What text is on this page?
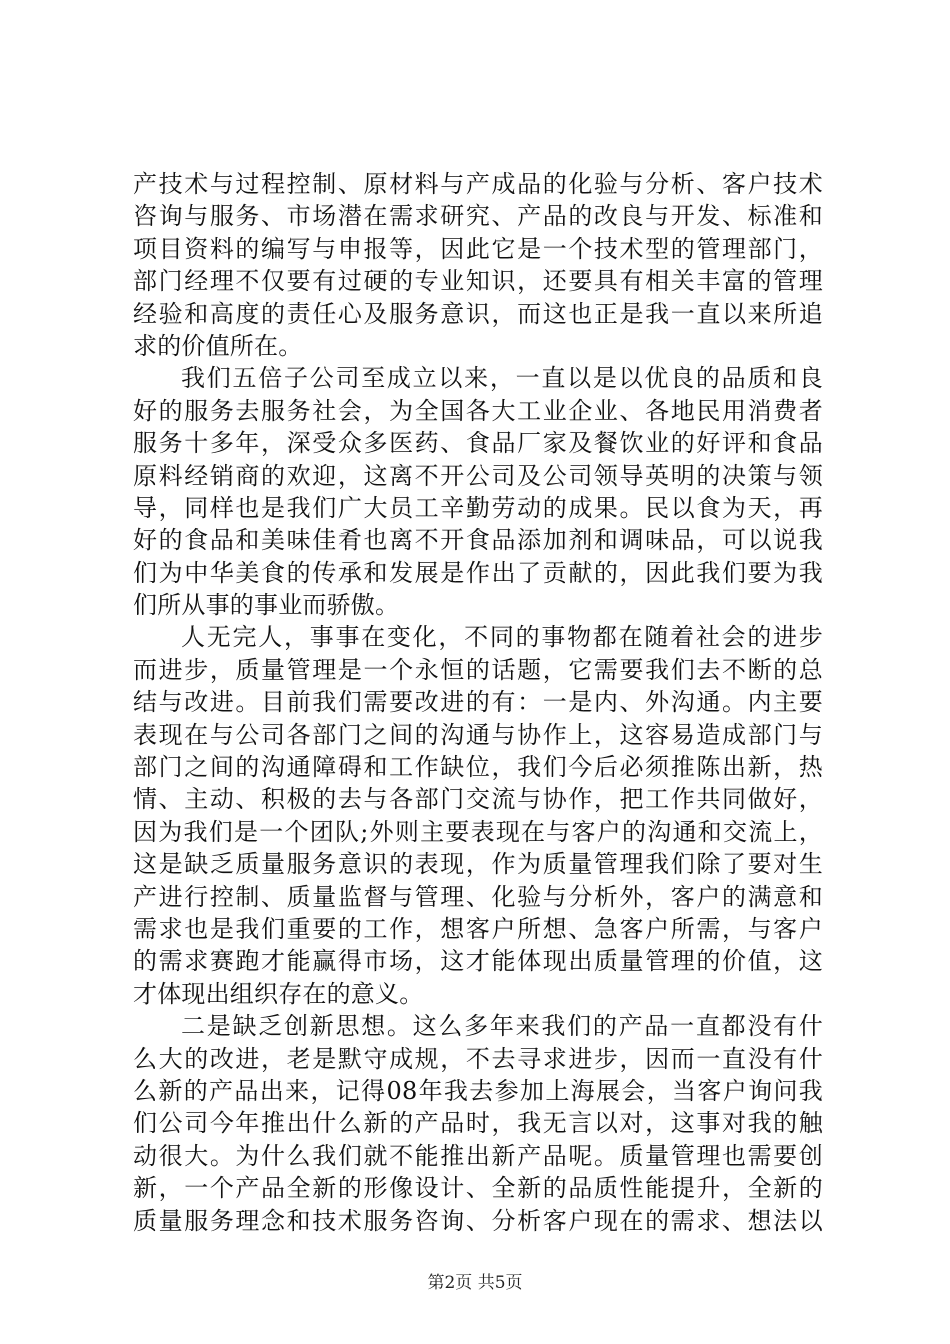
产技术与过程控制、原材料与产成品的化验与分析、客户技术
咨询与服务、市场潜在需求研究、产品的改良与开发、标准和
项目资料的编写与申报等，因此它是一个技术型的管理部门，
部门经理不仅要有过硬的专业知识，还要具有相关丰富的管理
经验和高度的责任心及服务意识，而这也正是我一直以来所追
求的价值所在。
我们五倍子公司至成立以来，一直以是以优良的品质和良
好的服务去服务社会，为全国各大工业企业、各地民用消费者
服务十多年，深受众多医药、食品厂家及餐饮业的好评和食品
原料经销商的欢迎，这离不开公司及公司领导英明的决策与领
导，同样也是我们广大员工辛勤劳动的成果。民以食为天，再
好的食品和美味佳肴也离不开食品添加剂和调味品，可以说我
们为中华美食的传承和发展是作出了贡献的，因此我们要为我
们所从事的事业而骄傲。
人无完人，事事在变化，不同的事物都在随着社会的进步
而进步，质量管理是一个永恒的话题，它需要我们去不断的总
结与改进。目前我们需要改进的有：一是内、外沟通。内主要
表现在与公司各部门之间的沟通与协作上，这容易造成部门与
部门之间的沟通障碍和工作缺位，我们今后必须推陈出新，热
情、主动、积极的去与各部门交流与协作，把工作共同做好，
因为我们是一个团队;外则主要表现在与客户的沟通和交流上，
这是缺乏质量服务意识的表现，作为质量管理我们除了要对生
产进行控制、质量监督与管理、化验与分析外，客户的满意和
需求也是我们重要的工作，想客户所想、急客户所需，与客户
的需求赛跑才能赢得市场，这才能体现出质量管理的价值，这
才体现出组织存在的意义。
二是缺乏创新思想。这么多年来我们的产品一直都没有什
么大的改进，老是默守成规，不去寻求进步，因而一直没有什
么新的产品出来，记得08年我去参加上海展会，当客户询问我
们公司今年推出什么新的产品时，我无言以对，这事对我的触
动很大。为什么我们就不能推出新产品呢。质量管理也需要创
新，一个产品全新的形像设计、全新的品质性能提升，全新的
质量服务理念和技术服务咨询、分析客户现在的需求、想法以
第2页 共5页
